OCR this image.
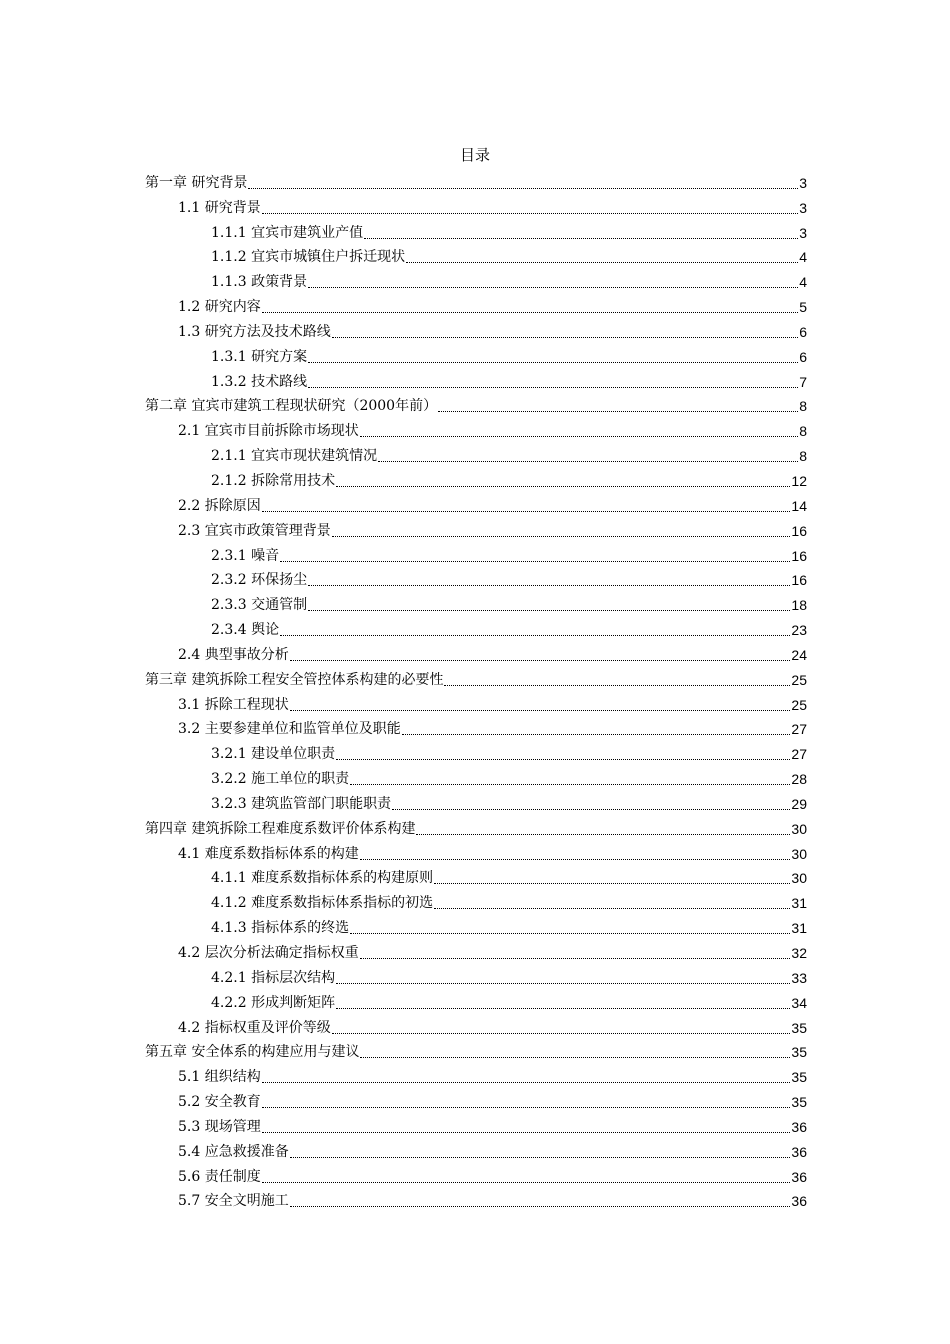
目录
第一章 研究背景	3
1.1 研究背景	3
1.1.1 宜宾市建筑业产值	3
1.1.2 宜宾市城镇住户拆迁现状	4
1.1.3 政策背景	4
1.2 研究内容	5
1.3 研究方法及技术路线	6
1.3.1 研究方案	6
1.3.2 技术路线	7
第二章 宜宾市建筑工程现状研究（2000年前）	8
2.1 宜宾市目前拆除市场现状	8
2.1.1 宜宾市现状建筑情况	8
2.1.2 拆除常用技术	12
2.2 拆除原因	14
2.3 宜宾市政策管理背景	16
2.3.1 噪音	16
2.3.2 环保扬尘	16
2.3.3 交通管制	18
2.3.4 舆论	23
2.4 典型事故分析	24
第三章 建筑拆除工程安全管控体系构建的必要性	25
3.1 拆除工程现状	25
3.2 主要参建单位和监管单位及职能	27
3.2.1 建设单位职责	27
3.2.2 施工单位的职责	28
3.2.3 建筑监管部门职能职责	29
第四章 建筑拆除工程难度系数评价体系构建	30
4.1 难度系数指标体系的构建	30
4.1.1 难度系数指标体系的构建原则	30
4.1.2 难度系数指标体系指标的初选	31
4.1.3 指标体系的终选	31
4.2 层次分析法确定指标权重	32
4.2.1 指标层次结构	33
4.2.2 形成判断矩阵	34
4.2 指标权重及评价等级	35
第五章 安全体系的构建应用与建议	35
5.1 组织结构	35
5.2 安全教育	35
5.3 现场管理	36
5.4 应急救援准备	36
5.6 责任制度	36
5.7 安全文明施工	36
